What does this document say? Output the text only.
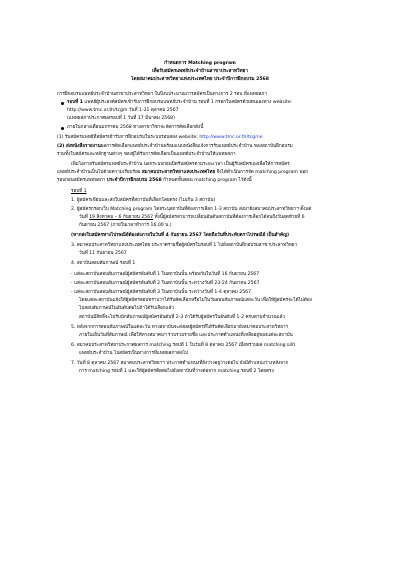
กำหนดการ Matching program
เพื่อรับสมัครแพทย์ประจำบ้านสาขาประสาทวิทยา
โดยสมาคมประสาทวิทยาแห่งประเทศไทย ประจำปีการฝึกอบรม 2568
การฝึกอบรมแพทย์ประจำบ้านสาขาประสาทวิทยา ในปีงบประมาณการสมัครเป็นทางการ 2 รอบ ที่แพทยสภา
รอบที่ 1 แพทย์ผู้ประสงค์สมัครเข้ารับการฝึกอบรมแพทย์ประจำบ้าน รอบที่ 1 กรอกใบสมัครด้วยตนเองทาง website:
http://www.tmc.or.th/tcgm วันที่ 1-31 ตุลาคม 2567
(แพทยสภาประกาศผลรอบที่ 1 วันที่ 17 มีนาคม 2568)
ภายในกลางเดือนมกราคม 2568 ทางสาขาวิชาจะจัดการคัดเลือกดังนี้
(1) รับสมัครแพทย์ที่สมัครเข้ารับการฝึกอบรมในระบบรอบสอง website: http://www.tmc.or.th/tcgme
(2) ส่งหนังสือรายงานผลการคัดเลือกแพทย์ประจำบ้านพร้อมแนบหนังสือแจ้งการรับแพทย์ประจำบ้าน ของสถาบันฝึกอบรม
รวมทั้งใบสมัครและหลักฐานต่างๆ ของผู้ได้รับการคัดเลือกเป็นแพทย์ประจำบ้านให้แพทยสภา
เพิ่มโอกาสรับสมัครแพทย์ประจำบ้าน นอกระบบก่อนปิดรับสมัครตามระยะเวลา เป็นผู้รับสมัครเองเพื่อให้การสมัคร
แพทย์ประจำบ้านเป็นไปด้วยความเรียบร้อย สมาคมประสาทวิทยาแห่งประเทศไทย จึงได้ดำเนินการจัด matching program นอก
รอบก่อนสมัครแพทยสภา ประจำปีการฝึกอบรม 2568 กำหนดขั้นตอน matching program ไว้ดังนี้
รอบที่ 1
1. ผู้สมัครเขียนและส่งใบสมัครที่สถาบันที่เลือกโดยตรง (ไม่เกิน 3 สถาบัน)
2. ผู้สมัครกรอกเว็บ Matching program โดยระบุสถาบันที่ต้องการเลือก 1-3 สถาบัน ส่งมายังสมาคมประสาทวิทยาฯ ตั้งแต่
วันที่ 19 สิงหาคม – 6 กันยายน 2567 ทั้งนี้ผู้สมัครสามารถเปลี่ยนอันดับสถาบันที่ต้องการเลือกได้จนถึงวันสุดท้ายที่ 6
กันยายน 2567 (ภายในเวลาทำการ 16.00 น.)
(หากส่งใบสมัครทางไปรษณีย์ต้องส่งภายในวันที่ 4 กันยายน 2567 โดยถือวันที่ประทับตราไปรษณีย์ เป็นสำคัญ)
3. สมาคมประสาทวิทยาแห่งประเทศไทย ประกาศรายชื่อผู้สมัครในรอบที่ 1 ไปยังสถาบันฝึกอบรมสาขาประสาทวิทยา
วันที่ 11 กันยายน 2567
4. สถาบันสอบสัมภาษณ์ รอบที่ 1
- แต่ละสถาบันสอบสัมภาษณ์ผู้สมัครอันดับที่ 1 ในสถาบันนั้น พร้อมกันในวันที่ 16 กันยายน 2567
- แต่ละสถาบันสอบสัมภาษณ์ผู้สมัครอันดับที่ 2 ในสถาบันนั้น ระหว่างวันที่ 23-24 กันยายน 2567
- แต่ละสถาบันสอบสัมภาษณ์ผู้สมัครอันดับที่ 3 ในสถาบันนั้น ระหว่างวันที่ 1-4 ตุลาคม 2567
โดยแต่ละสถาบันแจ้งให้ผู้สมัครสอบทราบว่าได้รับคัดเลือกหรือไม่ในวันสอบสัมภาษณ์แต่ละวัน เพื่อให้ผู้สมัครจะได้ไม่ต้อง
ไปสอบสัมภาษณ์ในอันดับต่อไปถ้าได้รับเลือกแล้ว
สถาบันมีสิทธิ์จะไม่รับนักสัมภาษณ์ผู้สมัครอันดับที่ 2-3 ถ้าได้รับผู้สมัครในอันดับที่ 1-2 ครบตามจำนวนแล้ว
5. หลังจากการสอบสัมภาษณ์ในแต่ละวัน ทางสถาบันจะส่งผลผู้สมัครที่ได้รับคัดเลือกมายังสมาคมประสาทวิทยาฯ
ภายในเย็นวันที่สัมภาษณ์ เพื่อให้ทางสมาคมฯ รวบรวมรายชื่อ และประกาศตำแหน่งที่เหลืออยู่ของแต่ละสถาบัน
6. สมาคมประสาทวิทยาประกาศผลการ matching รอบที่ 1 ในวันที่ 8 ตุลาคม 2567 เมื่อทราบผล matching แล้ว
แพทย์ประจำบ้าน ไปสมัครเป็นทางการที่แพทยสภาต่อไป
7. วันที่ 8 ตุลาคม 2567 สมาคมประสาทวิทยาฯ ประกาศตำแหน่งที่ยังว่างอยู่ว่างต่อไป ยังมีตำแหน่งว่างหลังจาก
การ matching รอบที่ 1 และให้ผู้สมัครติดต่อไปยังสถาบันที่ว่างต่อจาก matching รอบที่ 2 โดยตรง
